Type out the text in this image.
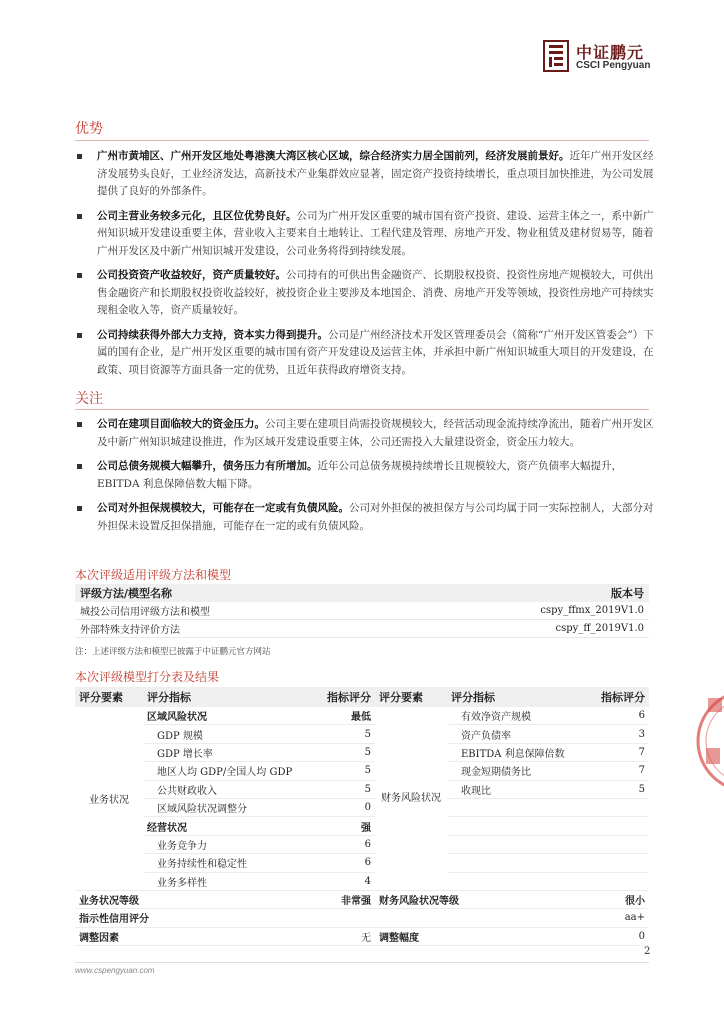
中证鹏元
CSCI Pengyuan
优势
广州市黄埔区、广州开发区地处粤港澳大湾区核心区域，综合经济实力居全国前列，经济发展前景好。近年广州开发区经济发展势头良好，工业经济发达，高新技术产业集群效应显著，固定资产投资持续增长，重点项目加快推进，为公司发展提供了良好的外部条件。
公司主营业务较多元化，且区位优势良好。公司为广州开发区重要的城市国有资产投资、建设、运营主体之一，系中新广州知识城开发建设重要主体，营业收入主要来自土地转让、工程代建及管理、房地产开发、物业租赁及建材贸易等，随着广州开发区及中新广州知识城开发建设，公司业务将得到持续发展。
公司投资资产收益较好，资产质量较好。公司持有的可供出售金融资产、长期股权投资、投资性房地产规模较大，可供出售金融资产和长期股权投资收益较好，被投资企业主要涉及本地国企、消费、房地产开发等领域，投资性房地产可持续实现租金收入等，资产质量较好。
公司持续获得外部大力支持，资本实力得到提升。公司是广州经济技术开发区管理委员会（简称“广州开发区管委会”）下属的国有企业，是广州开发区重要的城市国有资产开发建设及运营主体，并承担中新广州知识城重大项目的开发建设，在政策、项目资源等方面具备一定的优势，且近年获得政府增资支持。
关注
公司在建项目面临较大的资金压力。公司主要在建项目尚需投资规模较大，经营活动现金流持续净流出，随着广州开发区及中新广州知识城建设推进，作为区域开发建设重要主体，公司还需投入大量建设资金，资金压力较大。
公司总债务规模大幅攀升，债务压力有所增加。近年公司总债务规模持续增长且规模较大，资产负债率大幅提升，EBITDA 利息保障倍数大幅下降。
公司对外担保规模较大，可能存在一定或有负债风险。公司对外担保的被担保方与公司均属于同一实际控制人，大部分对外担保未设置反担保措施，可能存在一定的或有负债风险。
本次评级适用评级方法和模型
评级方法/模型名称	版本号
城投公司信用评级方法和模型	cspy_ffmx_2019V1.0
外部特殊支持评价方法	cspy_ff_2019V1.0
注：上述评级方法和模型已披露于中证鹏元官方网站
本次评级模型打分表及结果
评分要素	评分指标	指标评分	评分要素	评分指标	指标评分
业务状况	区域风险状况	最低	财务风险状况	有效净资产规模	6
	GDP 规模	5		资产负债率	3
	GDP 增长率	5		EBITDA 利息保障倍数	7
	地区人均 GDP/全国人均 GDP	5		现金短期债务比	7
	公共财政收入	5		收现比	5
	区域风险状况调整分	0			
	经营状况	强			
	业务竞争力	6			
	业务持续性和稳定性	6			
	业务多样性	4			
业务状况等级		非常强	财务风险状况等级		很小
指示性信用评分			aa+		
调整因素		无	调整幅度		0
2
www.cspengyuan.com
